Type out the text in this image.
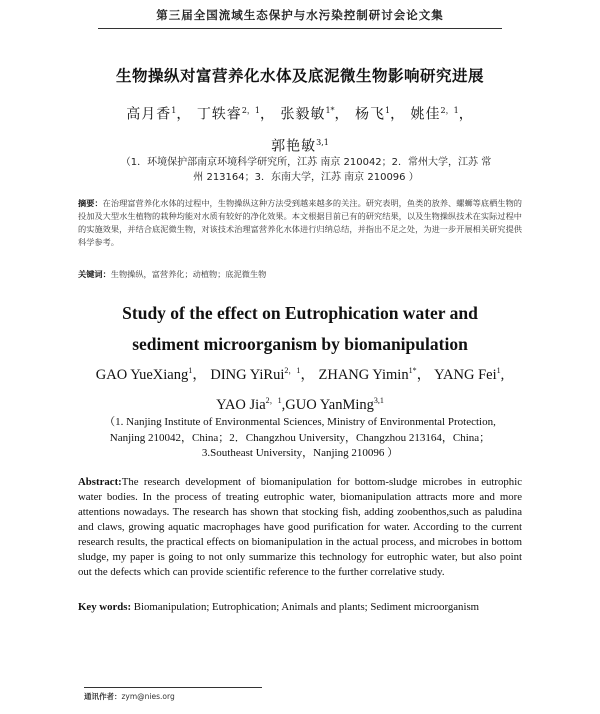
第三届全国流域生态保护与水污染控制研讨会论文集
生物操纵对富营养化水体及底泥微生物影响研究进展
高月香$^1$， 丁轶睿$^{2,1}$， 张毅敏$^{1*}$， 杨飞$^1$， 姚佳$^{2,1}$，
郭艳敏$^{3,1}$
（1．环境保护部南京环境科学研究所，江苏 南京 210042；2．常州大学，江苏 常州 213164；3．东南大学，江苏 南京 210096 ）
摘要：在治理富营养化水体的过程中，生物操纵这种方法受到越来越多的关注。研究表明，鱼类的放养、螺蛳等底栖生物的投加及大型水生植物的栽种均能对水质有较好的净化效果。本文根据目前已有的研究结果，以及生物操纵技术在实际过程中的实施效果，并结合底泥微生物，对该技术治理富营养化水体进行归纳总结，并指出不足之处，为进一步开展相关研究提供科学参考。
关键词：生物操纵，富营养化；动植物；底泥微生物
Study of the effect on Eutrophication water and
sediment microorganism by biomanipulation
GAO YueXiang$^1$， DING YiRui$^{2,1}$， ZHANG Yimin$^{1*}$， YANG Fei$^1$,
YAO Jia$^{2,1}$,GUO YanMing$^{3,1}$
（1. Nanjing Institute of Environmental Sciences, Ministry of Environmental Protection,
Nanjing 210042，China；2．Changzhou University，Changzhou 213164，China；
3.Southeast University，Nanjing 210096 ）
Abstract:The research development of biomanipulation for bottom-sludge microbes in eutrophic water bodies. In the process of treating eutrophic water, biomanipulation attracts more and more attentions nowadays. The research has shown that stocking fish, adding zoobenthos,such as paludina and claws, growing aquatic macrophages have good purification for water. According to the current research results, the practical effects on biomanipulation in the actual process, and microbes in bottom sludge, my paper is going to not only summarize this technology for eutrophic water, but also point out the defects which can provide scientific reference to the further correlative study.
Key words: Biomanipulation; Eutrophication; Animals and plants; Sediment microorganism
通讯作者：zym@nies.org
